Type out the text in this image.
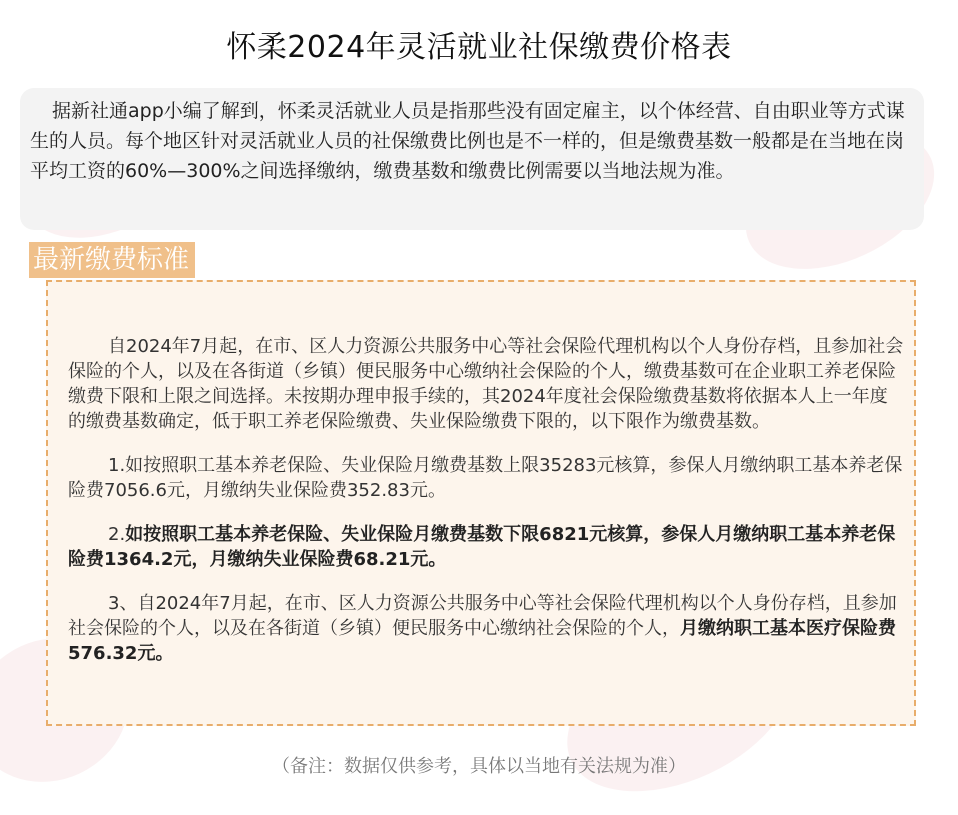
怀柔2024年灵活就业社保缴费价格表

据新社通app小编了解到，怀柔灵活就业人员是指那些没有固定雇主，以个体经营、自由职业等方式谋生的人员。每个地区针对灵活就业人员的社保缴费比例也是不一样的，但是缴费基数一般都是在当地在岗平均工资的60%—300%之间选择缴纳，缴费基数和缴费比例需要以当地法规为准。

最新缴费标准

自2024年7月起，在市、区人力资源公共服务中心等社会保险代理机构以个人身份存档，且参加社会保险的个人，以及在各街道（乡镇）便民服务中心缴纳社会保险的个人，缴费基数可在企业职工养老保险缴费下限和上限之间选择。未按期办理申报手续的，其2024年度社会保险缴费基数将依据本人上一年度的缴费基数确定，低于职工养老保险缴费、失业保险缴费下限的，以下限作为缴费基数。

1.如按照职工基本养老保险、失业保险月缴费基数上限35283元核算，参保人月缴纳职工基本养老保险费7056.6元，月缴纳失业保险费352.83元。

2.如按照职工基本养老保险、失业保险月缴费基数下限6821元核算，参保人月缴纳职工基本养老保险费1364.2元，月缴纳失业保险费68.21元。

3、自2024年7月起，在市、区人力资源公共服务中心等社会保险代理机构以个人身份存档，且参加社会保险的个人，以及在各街道（乡镇）便民服务中心缴纳社会保险的个人，月缴纳职工基本医疗保险费576.32元。

（备注：数据仅供参考，具体以当地有关法规为准）
